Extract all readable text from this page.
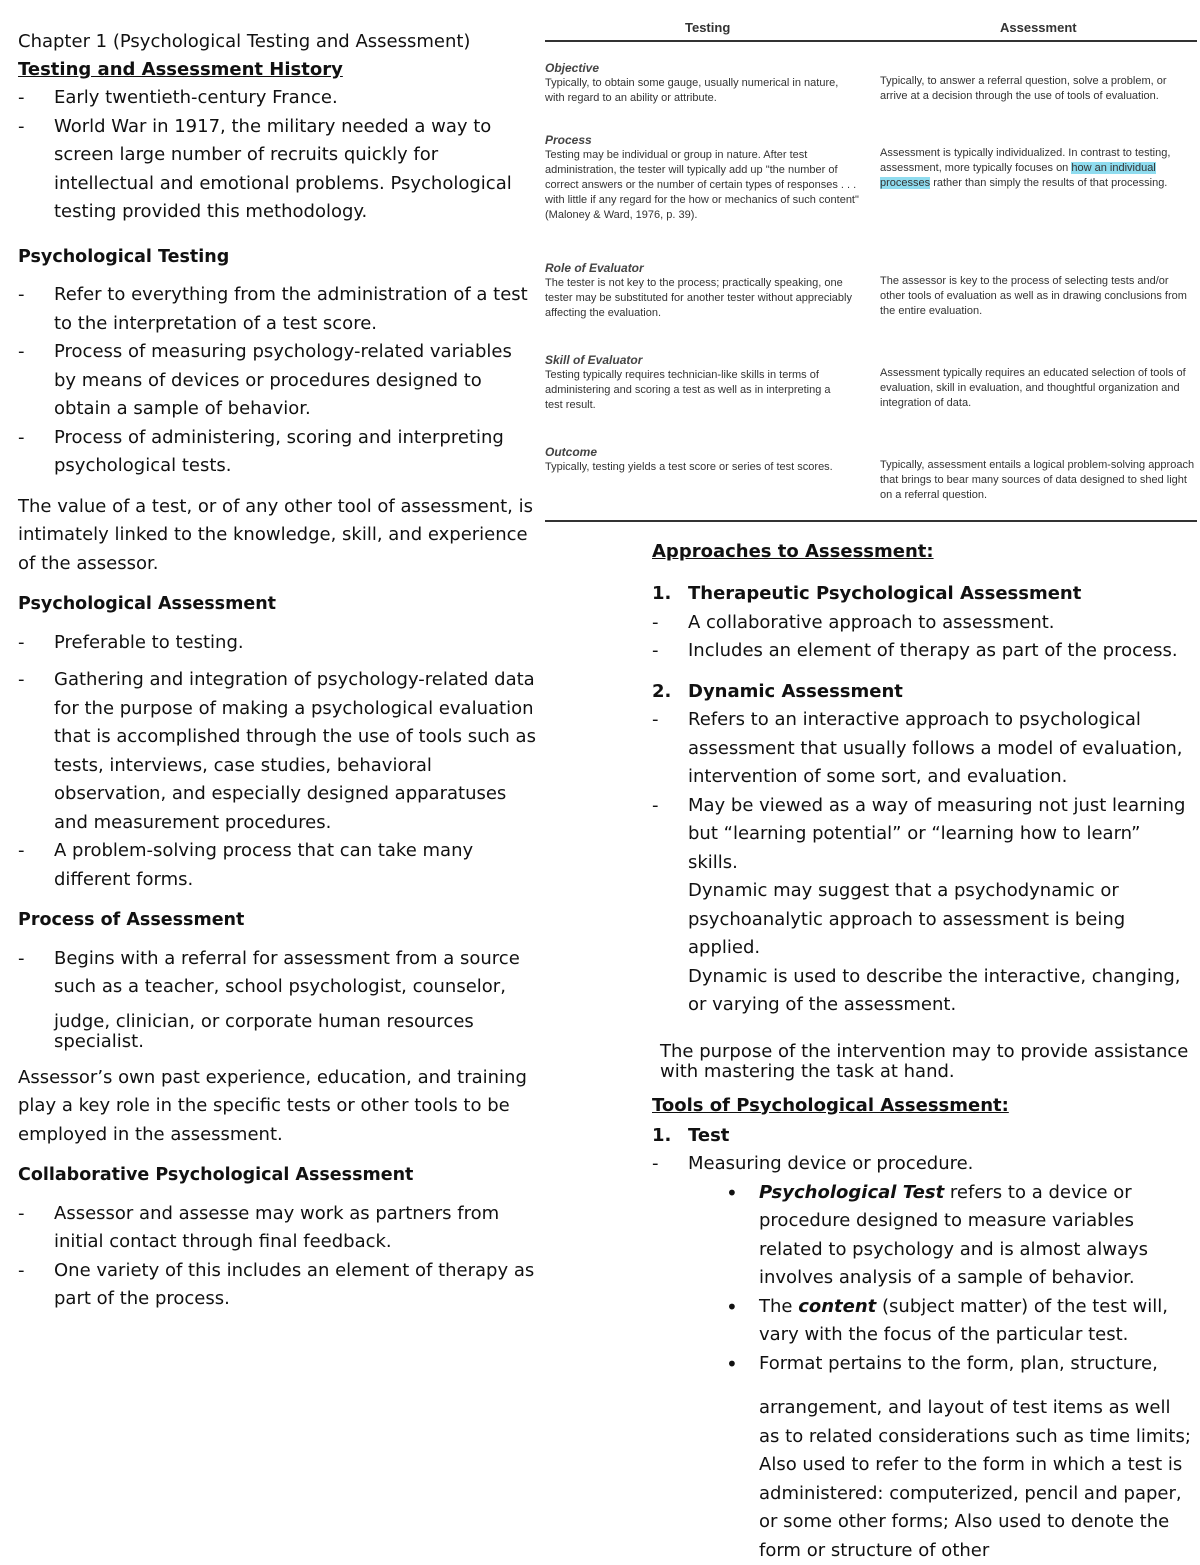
Chapter 1 (Psychological Testing and Assessment)
Testing and Assessment History
- Early twentieth-century France.
- World War in 1917, the military needed a way to screen large number of recruits quickly for intellectual and emotional problems. Psychological testing provided this methodology.
Psychological Testing
- Refer to everything from the administration of a test to the interpretation of a test score.
- Process of measuring psychology-related variables by means of devices or procedures designed to obtain a sample of behavior.
- Process of administering, scoring and interpreting psychological tests.

The value of a test, or of any other tool of assessment, is intimately linked to the knowledge, skill, and experience of the assessor.

Psychological Assessment
- Preferable to testing.
- Gathering and integration of psychology-related data for the purpose of making a psychological evaluation that is accomplished through the use of tools such as tests, interviews, case studies, behavioral observation, and especially designed apparatuses and measurement procedures.
- A problem-solving process that can take many different forms.
Process of Assessment
- Begins with a referral for assessment from a source such as a teacher, school psychologist, counselor,
judge, clinician, or corporate human resources specialist.

Assessor’s own past experience, education, and training play a key role in the specific tests or other tools to be employed in the assessment.

Collaborative Psychological Assessment
- Assessor and assesse may work as partners from initial contact through final feedback.
- One variety of this includes an element of therapy as part of the process.
Testing	Assessment
Objective
Typically, to obtain some gauge, usually numerical in nature, with regard to an ability or attribute.
Typically, to answer a referral question, solve a problem, or arrive at a decision through the use of tools of evaluation.
Process
Testing may be individual or group in nature. After test administration, the tester will typically add up "the number of correct answers or the number of certain types of responses . . . with little if any regard for the how or mechanics of such content" (Maloney & Ward, 1976, p. 39).
Assessment is typically individualized. In contrast to testing, assessment, more typically focuses on how an individual processes rather than simply the results of that processing.
Role of Evaluator
The tester is not key to the process; practically speaking, one tester may be substituted for another tester without appreciably affecting the evaluation.
The assessor is key to the process of selecting tests and/or other tools of evaluation as well as in drawing conclusions from the entire evaluation.
Skill of Evaluator
Testing typically requires technician-like skills in terms of administering and scoring a test as well as in interpreting a test result.
Assessment typically requires an educated selection of tools of evaluation, skill in evaluation, and thoughtful organization and integration of data.
Outcome
Typically, testing yields a test score or series of test scores.	Typically, assessment entails a logical problem-solving approach that brings to bear many sources of data designed to shed light on a referral question.
Approaches to Assessment:
1. Therapeutic Psychological Assessment
- A collaborative approach to assessment.
- Includes an element of therapy as part of the process.
2. Dynamic Assessment
- Refers to an interactive approach to psychological assessment that usually follows a model of evaluation, intervention of some sort, and evaluation.
- May be viewed as a way of measuring not just learning but “learning potential” or “learning how to learn” skills.
Dynamic may suggest that a psychodynamic or psychoanalytic approach to assessment is being applied.
Dynamic is used to describe the interactive, changing, or varying of the assessment.
The purpose of the intervention may to provide assistance with mastering the task at hand.
Tools of Psychological Assessment:
1. Test
- Measuring device or procedure.
• Psychological Test refers to a device or procedure designed to measure variables related to psychology and is almost always involves analysis of a sample of behavior.
• The content (subject matter) of the test will, vary with the focus of the particular test.
• Format pertains to the form, plan, structure,
arrangement, and layout of test items as well as to related considerations such as time limits; Also used to refer to the form in which a test is administered: computerized, pencil and paper, or some other forms; Also used to denote the form or structure of other
